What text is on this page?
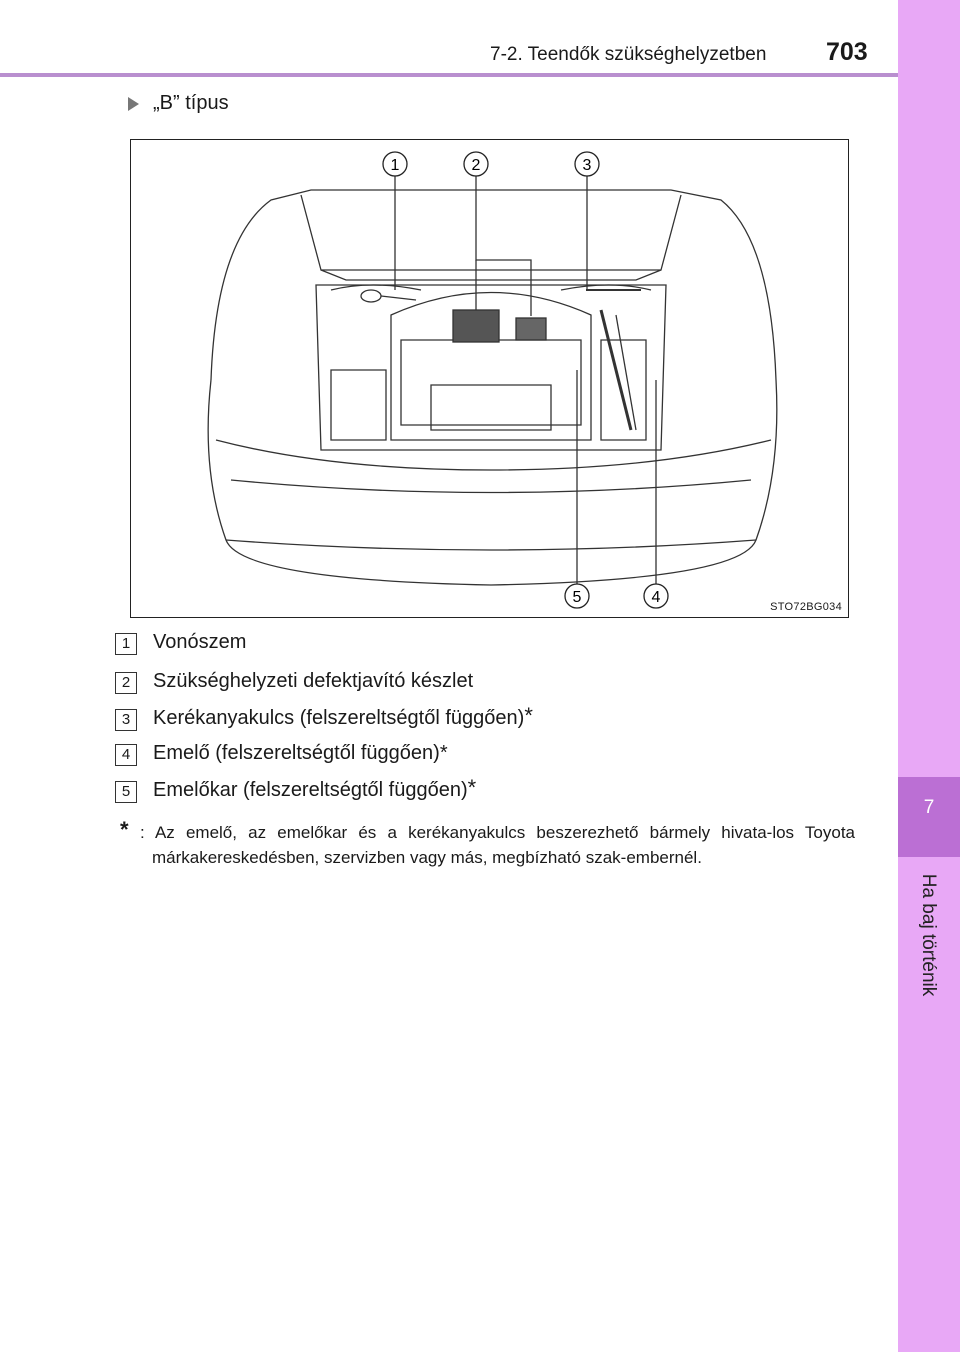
7-2. Teendők szükséghelyzetben 703
7
Ha baj történik
„B” típus
1	2	3
5	4
STO72BG034
1	Vonószem
2	Szükséghelyzeti defektjavító készlet
3	Kerékanyakulcs (felszereltségtől függően)*
4	Emelő (felszereltségtől függően)*
5	Emelőkar (felszereltségtől függően)*
* : Az emelő, az emelőkar és a kerékanyakulcs beszerezhető bármely hivata-los Toyota márkakereskedésben, szervizben vagy más, megbízható szak-embernél.
